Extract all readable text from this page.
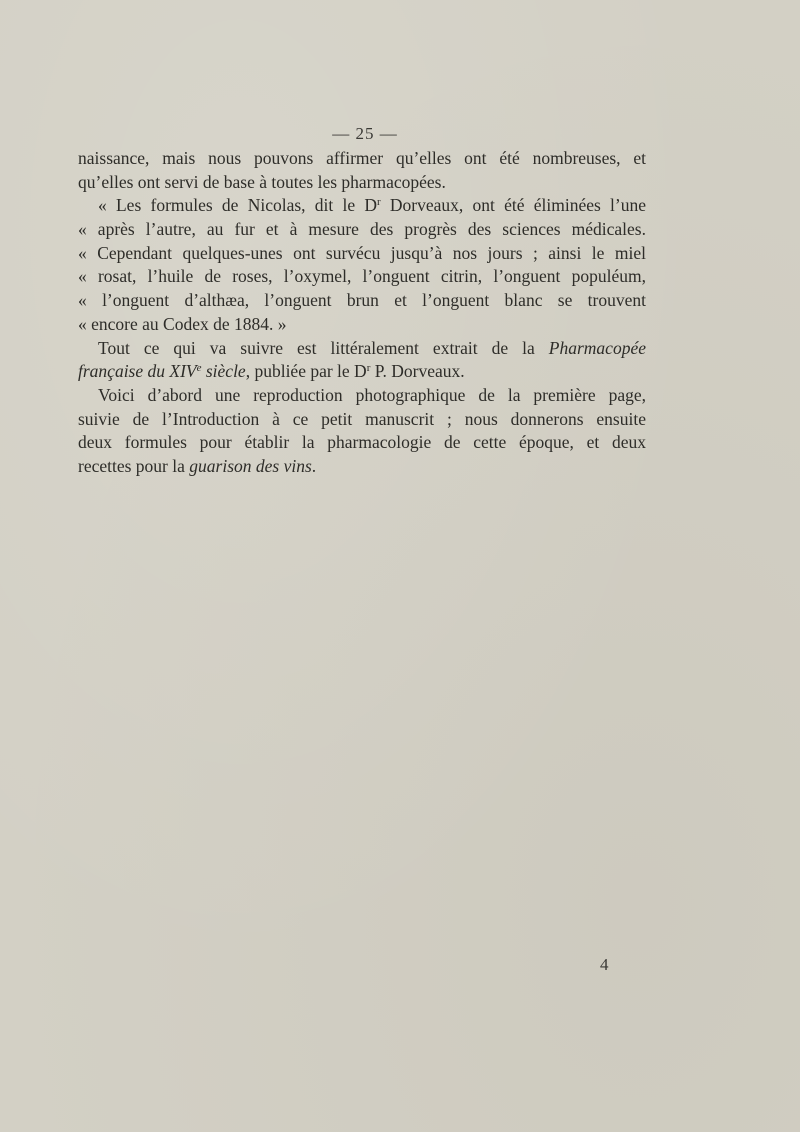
— 25 —
naissance, mais nous pouvons affirmer qu’elles ont été nombreuses, et
qu’elles ont servi de base à toutes les pharmacopées.
« Les formules de Nicolas, dit le $D^r$ Dorveaux, ont été éliminées l’une
« après l’autre, au fur et à mesure des progrès des sciences médicales.
« Cependant quelques-unes ont survécu jusqu’à nos jours ; ainsi le miel
« rosat, l’huile de roses, l’oxymel, l’onguent citrin, l’onguent populéum,
« l’onguent d’althæa, l’onguent brun et l’onguent blanc se trouvent
« encore au Codex de 1884. »
Tout ce qui va suivre est littéralement extrait de la Pharmacopée
française du XIVe siècle, publiée par le $D^r$ P. Dorveaux.
Voici d’abord une reproduction photographique de la première page,
suivie de l’Introduction à ce petit manuscrit ; nous donnerons ensuite
deux formules pour établir la pharmacologie de cette époque, et deux
recettes pour la guarison des vins.
4
